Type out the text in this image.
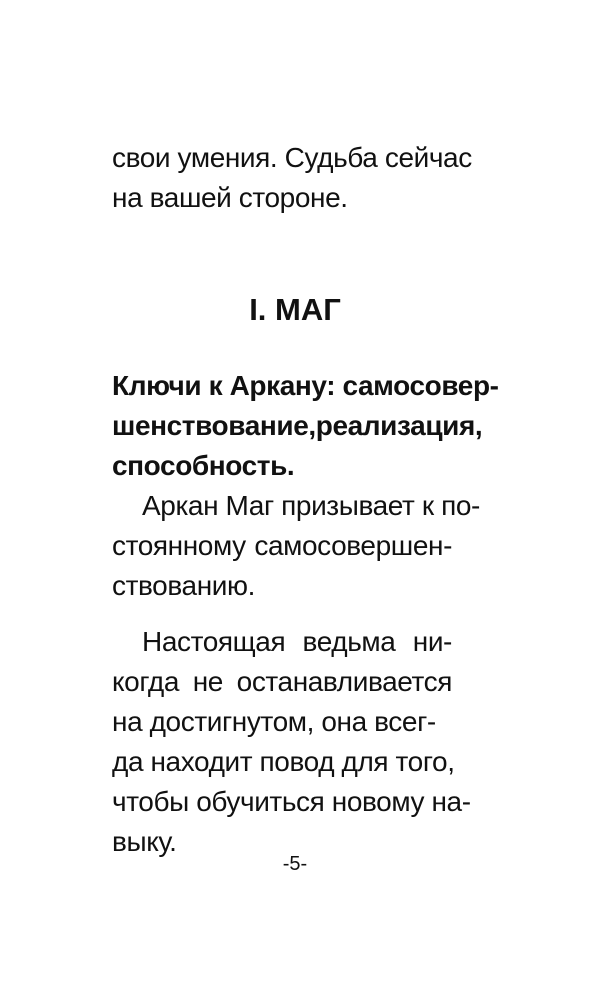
свои умения. Судьба сейчас
на вашей стороне.
I. МАГ
Ключи к Аркану: самосовер-
шенствование, реализация,
способность.
Аркан Маг призывает к по-
стоянному самосовершен-
ствованию.
Настоящая ведьма ни-
когда не останавливается
на достигнутом, она всег-
да находит повод для того,
чтобы обучиться новому на-
выку.
-5-
